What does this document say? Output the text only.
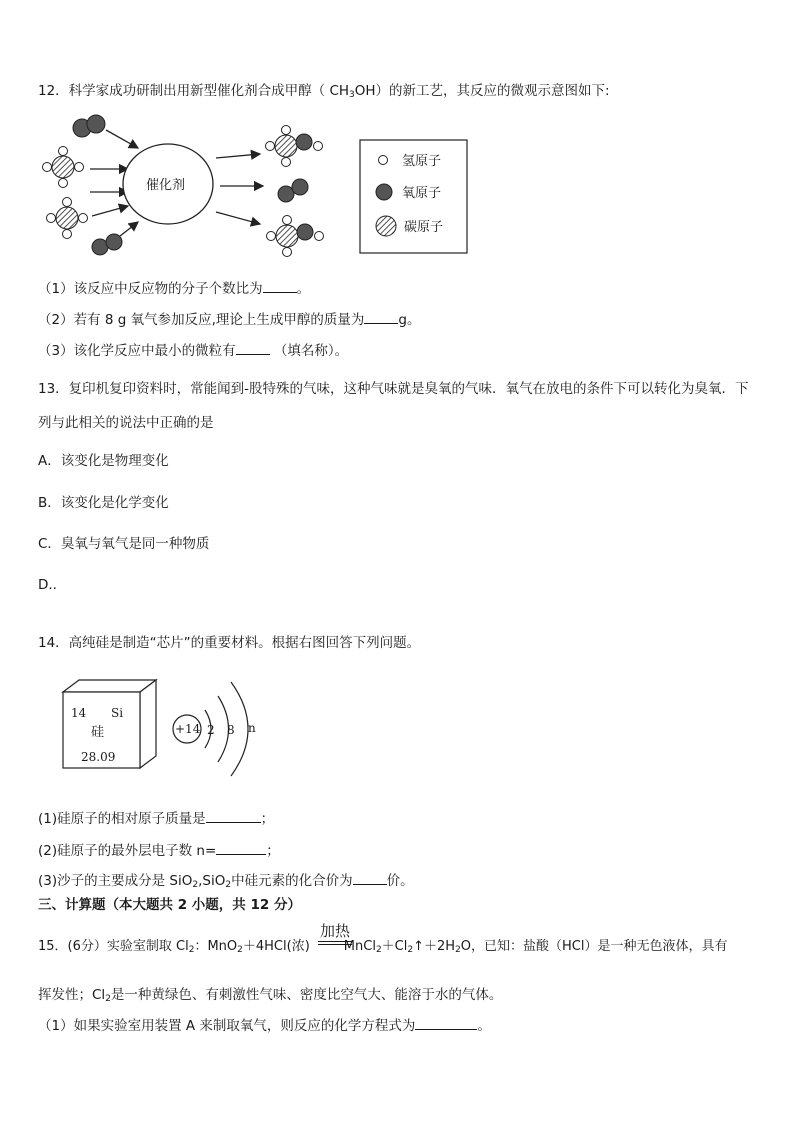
12．科学家成功研制出用新型催化剂合成甲醇（ $CH_3OH$）的新工艺，其反应的微观示意图如下:
催化剂
氢原子
氧原子
碳原子
（1）该反应中反应物的分子个数比为	。
（2）若有 8 g 氧气参加反应,理论上生成甲醇的质量为	g。
（3）该化学反应中最小的微粒有	（填名称）。
13．复印机复印资料时，常能闻到-股特殊的气味，这种气味就是臭氧的气味．氧气在放电的条件下可以转化为臭氧．下
列与此相关的说法中正确的是
A．该变化是物理变化
B．该变化是化学变化
C．臭氧与氧气是同一种物质
D..
14．高纯硅是制造“芯片”的重要材料。根据右图回答下列问题。
14 Si
硅
28.09
+14 2 8 n
(1)硅原子的相对原子质量是	；
(2)硅原子的最外层电子数 n=	；
(3)沙子的主要成分是 SiO$_2$,SiO$_2$中硅元素的化合价为	价。
三、计算题（本大题共 2 小题，共 12 分）
加热
15．(6分）实验室制取 $Cl_2$：MnO$_2$＋4HCl(浓)	$MnCl_2+Cl_2↑+2H_2O$，已知：盐酸（HCl）是一种无色液体，具有
挥发性；$Cl_2$是一种黄绿色、有刺激性气味、密度比空气大、能溶于水的气体。
（1）如果实验室用装置 A 来制取氧气，则反应的化学方程式为	。
